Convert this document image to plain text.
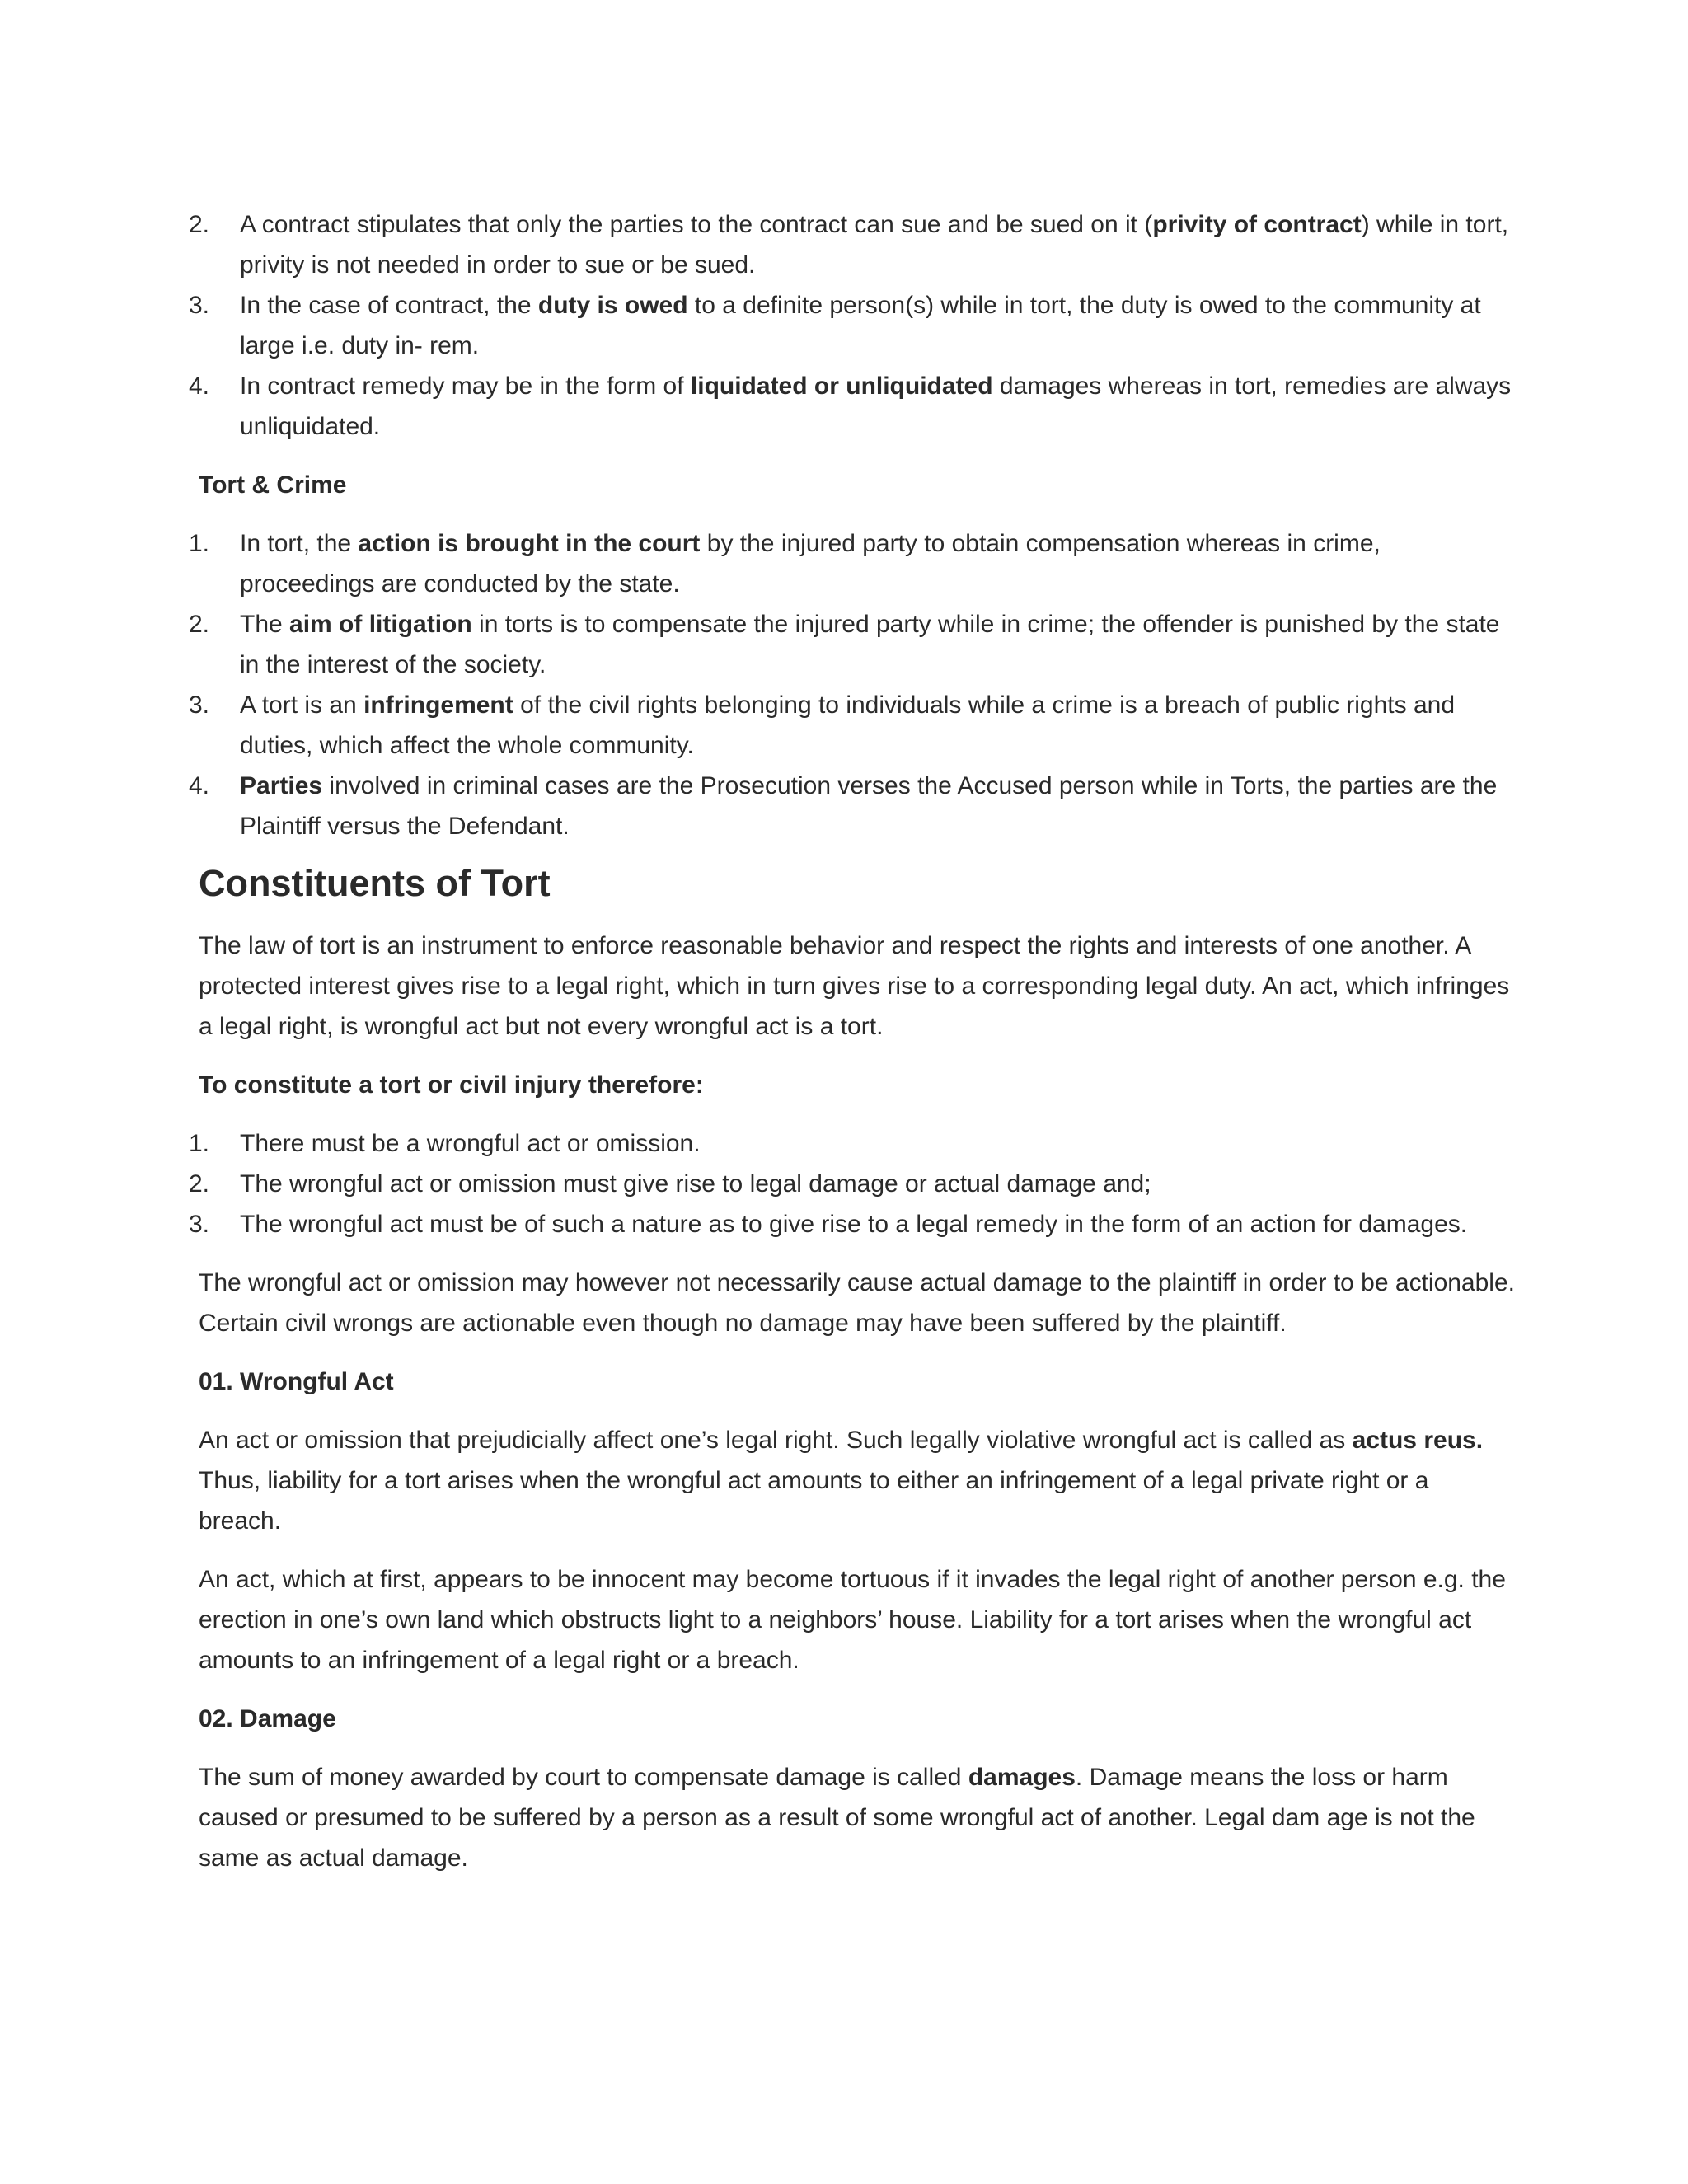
2. A contract stipulates that only the parties to the contract can sue and be sued on it (privity of contract) while in tort, privity is not needed in order to sue or be sued.
3. In the case of contract, the duty is owed to a definite person(s) while in tort, the duty is owed to the community at large i.e. duty in- rem.
4. In contract remedy may be in the form of liquidated or unliquidated damages whereas in tort, remedies are always unliquidated.

Tort & Crime

1. In tort, the action is brought in the court by the injured party to obtain compensation whereas in crime, proceedings are conducted by the state.
2. The aim of litigation in torts is to compensate the injured party while in crime; the offender is punished by the state in the interest of the society.
3. A tort is an infringement of the civil rights belonging to individuals while a crime is a breach of public rights and duties, which affect the whole community.
4. Parties involved in criminal cases are the Prosecution verses the Accused person while in Torts, the parties are the Plaintiff versus the Defendant.
Constituents of Tort

The law of tort is an instrument to enforce reasonable behavior and respect the rights and interests of one another. A protected interest gives rise to a legal right, which in turn gives rise to a corresponding legal duty. An act, which infringes a legal right, is wrongful act but not every wrongful act is a tort.

To constitute a tort or civil injury therefore:

1. There must be a wrongful act or omission.
2. The wrongful act or omission must give rise to legal damage or actual damage and;
3. The wrongful act must be of such a nature as to give rise to a legal remedy in the form of an action for damages.

The wrongful act or omission may however not necessarily cause actual damage to the plaintiff in order to be actionable. Certain civil wrongs are actionable even though no damage may have been suffered by the plaintiff.

01. Wrongful Act

An act or omission that prejudicially affect one’s legal right. Such legally violative wrongful act is called as actus reus. Thus, liability for a tort arises when the wrongful act amounts to either an infringement of a legal private right or a breach.

An act, which at first, appears to be innocent may become tortuous if it invades the legal right of another person e.g. the erection in one’s own land which obstructs light to a neighbors’ house. Liability for a tort arises when the wrongful act amounts to an infringement of a legal right or a breach.

02. Damage

The sum of money awarded by court to compensate damage is called damages. Damage means the loss or harm caused or presumed to be suffered by a person as a result of some wrongful act of another. Legal dam age is not the same as actual damage.
